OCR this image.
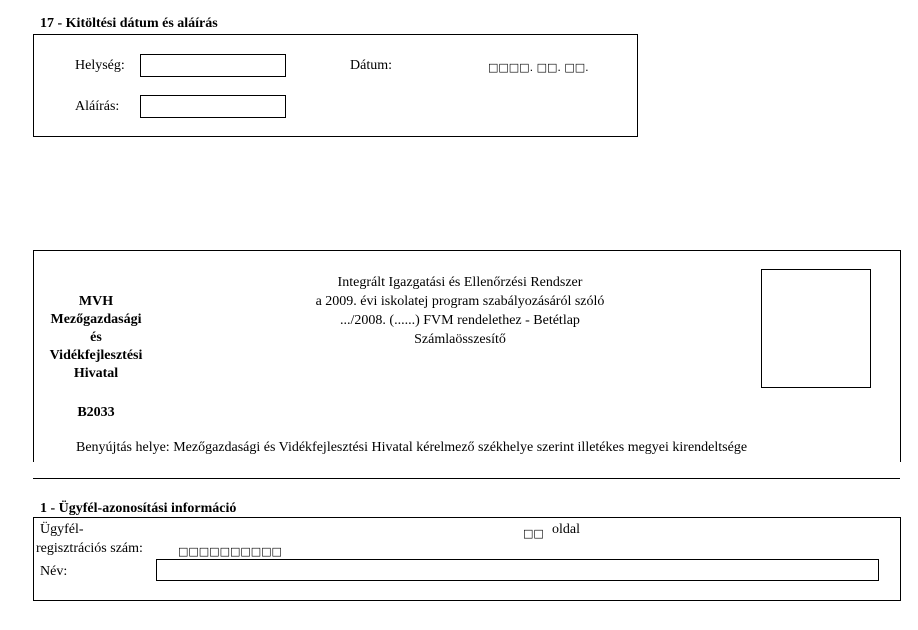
17 - Kitöltési dátum és aláírás
Helység:	Dátum:	□□□□. □□. □□.
Aláírás:
MVH
Mezőgazdasági
és
Vidékfejlesztési
Hivatal
B2033
Integrált Igazgatási és Ellenőrzési Rendszer
a 2009. évi iskolatej program szabályozásáról szóló
.../2008. (......) FVM rendelethez - Betétlap
Számlaösszesítő
Benyújtás helye: Mezőgazdasági és Vidékfejlesztési Hivatal kérelmező székhelye szerint illetékes megyei kirendeltsége
1 - Ügyfél-azonosítási információ
Ügyfél-
regisztrációs szám:	□□□□□□□□□□
□□ oldal
Név:
